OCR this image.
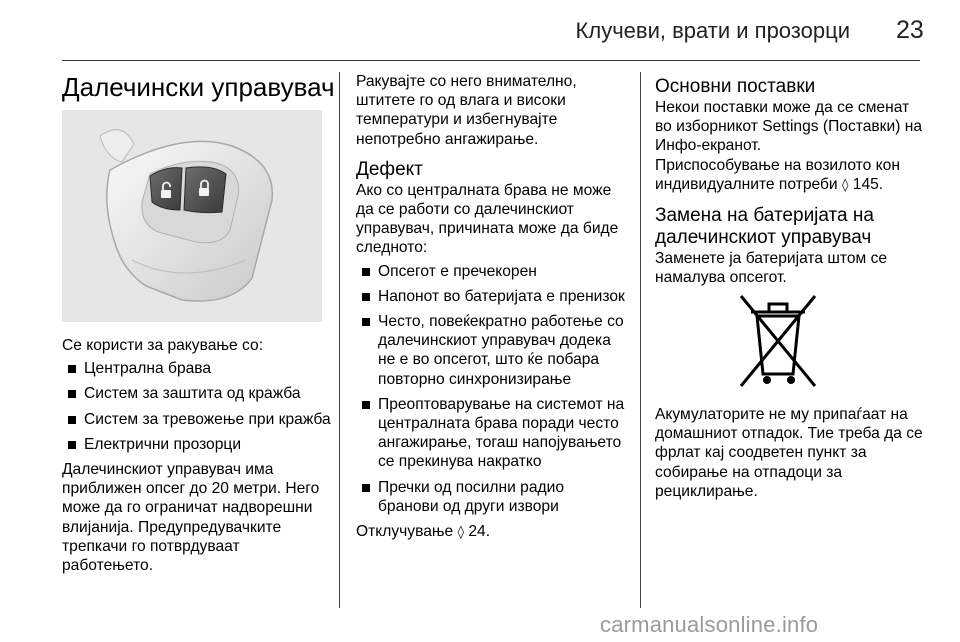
Клучеви, врати и прозорци 23
Далечински управувач

Се користи за ракување со:

Централна брава
Систем за заштита од кражба
Систем за тревожење при кражба
Електрични прозорци

Далечинскиот управувач има приближен опсег до 20 метри. Него може да го ограничат надворешни влијанија. Предупредувачките трепкачи го потврдуваат работењето.

Ракувајте со него внимателно, штитете го од влага и високи температури и избегнувајте непотребно ангажирање.

Дефект

Ако со централната брава не може да се работи со далечинскиот управувач, причината може да биде следното:

Опсегот е пречекорен
Напонот во батеријата е пренизок
Често, повеќекратно работење со далечинскиот управувач додека не е во опсегот, што ќе побара повторно синхронизирање
Преоптоварување на системот на централната брава поради често ангажирање, тогаш напојувањето се прекинува накратко
Пречки од посилни радио бранови од други извори

Отклучување ◊ 24.

Основни поставки

Некои поставки може да се сменат во изборникот Settings (Поставки) на Инфо-екранот.

Приспособување на возилото кон индивидуалните потреби ◊ 145.

Замена на батеријата на далечинскиот управувач

Заменете ја батеријата штом се намалува опсегот.

Акумулаторите не му припаѓаат на домашниот отпадок. Тие треба да се фрлат кај соодветен пункт за собирање на отпадоци за рециклирање.

carmanualsonline.info
